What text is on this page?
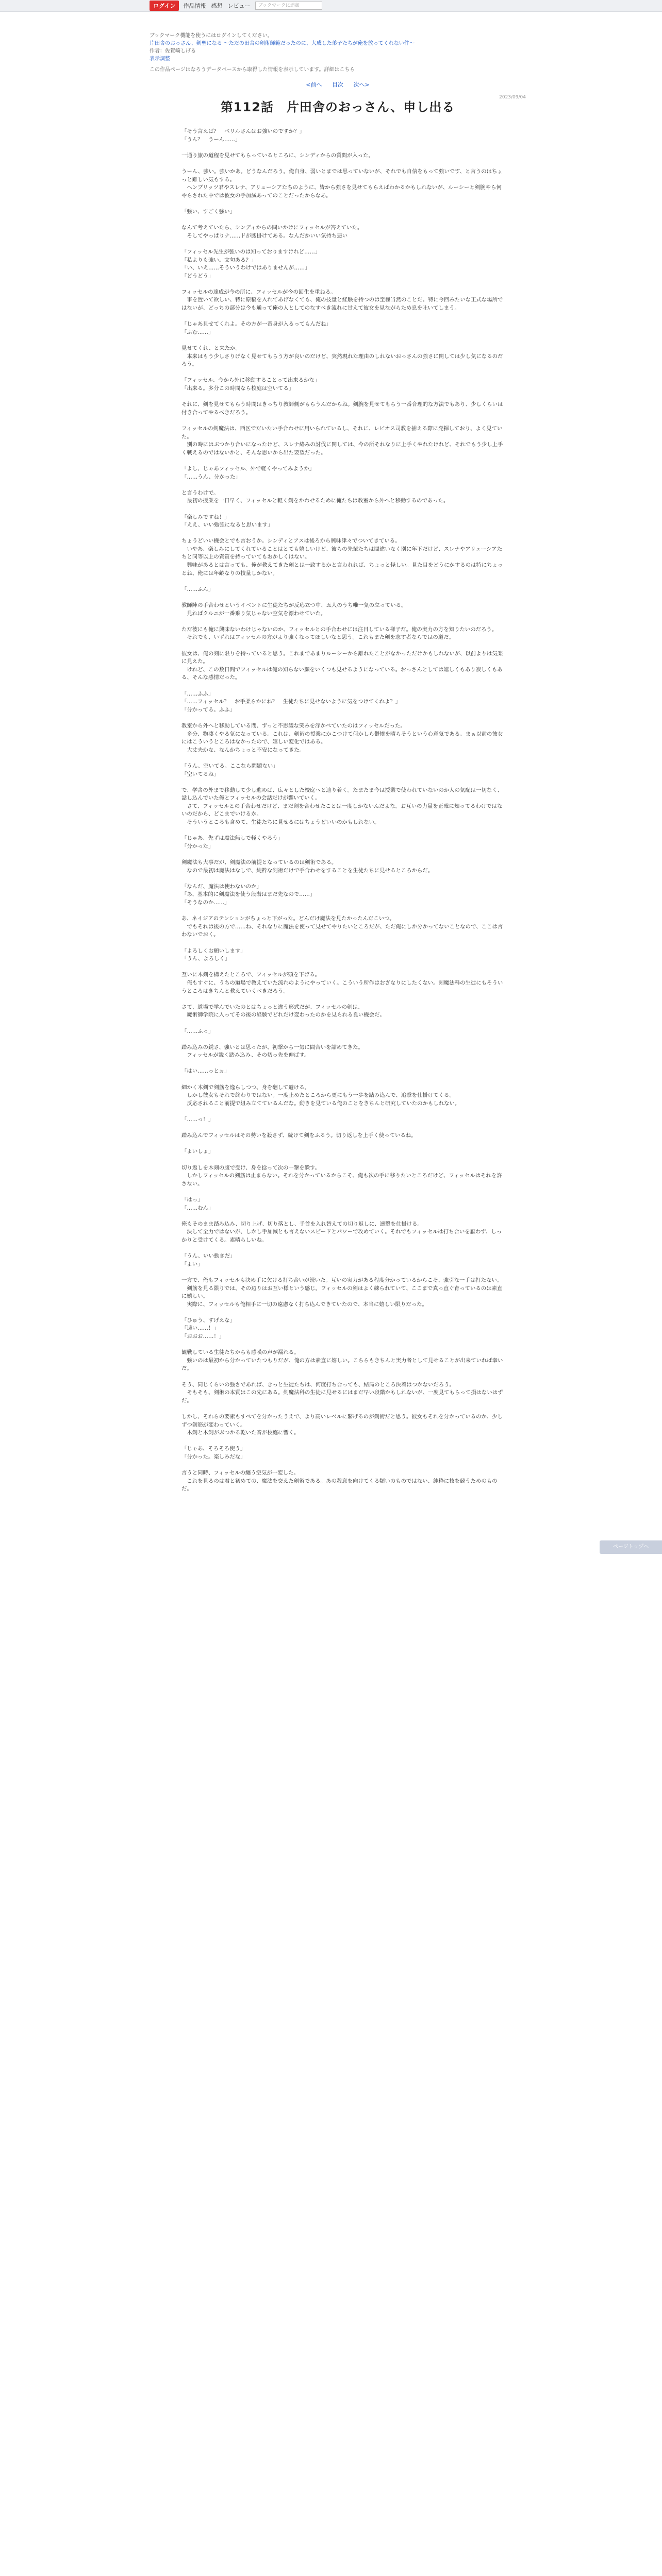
ログイン	作品情報 感想 レビュー	ブックマークに追加
ブックマーク機能を使うにはログインしてください。
片田舎のおっさん、剣聖になる ～ただの田舎の剣術師範だったのに、大成した弟子たちが俺を放ってくれない件～
作者：佐賀崎しげる
表示調整
この作品ページはなろうデータベースから取得した情報を表示しています。詳細はこちら
<前へ 目次 次へ>
2023/09/04
第112話　片田舎のおっさん、申し出る
「そう言えば？　ベリルさんはお強いのですか？」
「うん？　うーん……」
一通り旅の道程を見せてもらっているところに、シンディからの質問が入った。
うーん、強い。強いかあ。どうなんだろう。俺自身、弱いとまでは思っていないが、それでも自信をもって強いです、と言うのはちょっと難しい気もする。
　ヘンブリッツ君やスレナ、アリューシアたちのように、皆から強さを見せてもらえばわかるかもしれないが、ルーシーと剣腕やら何やらされた中では彼女の手加減あってのことだったからなあ。
「強い、すごく強い」
なんて考えていたら、シンディからの問いかけにフィッセルが答えていた。
　そしてやっぱりナ……ドが腰掛けてある。なんだかいい気持ち悪い
「フィッセル先生が強いのは知っておりますけれど……」
「私よりも強い。文句ある？」
「い、いえ……そういうわけではありませんが……」
「どうどう」
フィッセルの達成が今の所に、フィッセルが今の回生を重ねる。
　事を置いて欲しい、特に原稿を入れてあげなくても、俺の技量と経験を持つのは至極当然のことだ。特に今回みたいな正式な場所ではないが、どっちの部分は今も通って俺の人としてのなすべき流れに甘えて彼女を見ながらため息を吐いてしまう。
「じゃあ見せてくれよ。その方が一番身が入るってもんだね」
「ふむ……」
見せてくれ、と来たか。
　本来はもう少しさりげなく見せてもらう方が良いのだけど、突然現れた理由のしれないおっさんの強さに関しては少し気になるのだろう。
「フィッセル、今から外に移動することって出来るかな」
「出来る。多分この時間なら校庭は空いてる」
それに、剣を見せてもらう時間はきっちり教師側がもらうんだからね。剣腕を見せてもらう一番合理的な方法でもあり、少しくらいは付き合ってやるべきだろう。
フィッセルの剣魔法は、西区でだいたい手合わせに用いられているし、それに、レビオス司教を捕える際に発揮しており、よく見ていた。
　別の時にはぶつかり合いになったけど、スレナ絡みの討伐に関しては、今の所それなりに上手くやれたけれど、それでもう少し上手く戦えるのではないかと、そんな思いから出た要望だった。
「よし、じゃあフィッセル、外で軽くやってみようか」
「……うん、分かった」
と言うわけで。
　最初の授業を一日早く、フィッセルと軽く剣をかわせるために俺たちは教室から外へと移動するのであった。
「楽しみですね！」
「ええ、いい勉強になると思います」
ちょうどいい機会とでも言おうか。シンディとアスは後ろから興味津々でついてきている。
　いやあ、楽しみにしてくれていることはとても嬉しいけど、彼らの先輩たちは間違いなく別に年下だけど、スレナやアリューシアたちと同等以上の資質を持っていてもおかしくはない。
　興味があるとは言っても、俺が教えてきた剣とは一致するかと言われれば、ちょっと怪しい。見た目をどうにかするのは特にちょっとね、俺には年齢なりの技量しかない。
「……ふん」
教師陣の手合わせというイベントに生徒たちが反応立つ中、五人のうち唯一気の立っている。
　見ればクルニが一番乗り気じゃない空気を漂わせていた。
ただ彼にも俺に興味ないわけじゃないのか、フィッセルとの手合わせには注目している様子だ。俺の実力の方を知りたいのだろう。
　それでも、いずれはフィッセルの方がより強くなってほしいなと思う。これもまた剣を志す者ならではの道だ。
彼女は、俺の剣に限りを持っていると思う。これまであまりルーシーから離れたことがなかっただけかもしれないが、以前よりは気楽に見えた。
　けれど、この数日間でフィッセルは俺の知らない顔をいくつも見せるようになっている。おっさんとしては嬉しくもあり寂しくもある、そんな感情だった。
「……ふふ」
「……フィッセル？　お手柔らかにね？　生徒たちに見せないように気をつけてくれよ？」
「分かってる。ふふ」
教室から外へと移動している間、ずっと不思議な笑みを浮かべていたのはフィッセルだった。
　多分、物凄くやる気になっている。これは、剣術の授業にかこつけて何かしら鬱憤を晴らそうという心意気である。まぁ以前の彼女にはこういうところはなかったので、嬉しい変化ではある。
　大丈夫かな、なんかちょっと不安になってきた。
「うん、空いてる。ここなら問題ない」
「空いてるね」
で、学舎の外まで移動して少し進めば、広々とした校庭へと辿り着く。たまたま今は授業で使われていないのか人の気配は一切なく、話し込んでいた俺とフィッセルの会話だけが響いていく。
　さて、フィッセルとの手合わせだけど、まだ剣を合わせたことは一度しかないんだよな。お互いの力量を正確に知ってるわけではないのだから、どこまでいけるか。
　そういうところも含めて、生徒たちに見せるにはちょうどいいのかもしれない。
「じゃあ、先ずは魔法無しで軽くやろう」
「分かった」
剣魔法も大事だが、剣魔法の前提となっているのは剣術である。
　なので最初は魔法はなしで、純粋な剣術だけで手合わせをすることを生徒たちに見せるところからだ。
「なんだ、魔法は使わないのか」
「あ、基本的に剣魔法を使う段階はまだ先なので……」
「そうなのか……」
あ、ネイジアのテンションがちょっと下がった。どんだけ魔法を見たかったんだこいつ。
　でもそれは後の方で……ね、それなりに魔法を使って見せてやりたいところだが、ただ俺にしか分かってないことなので、ここは言わないでおく。
「よろしくお願いします」
「うん、よろしく」
互いに木剣を構えたところで、フィッセルが頭を下げる。
　俺もすぐに、うちの道場で教えていた流れのようにやっていく。こういう所作はおざなりにしたくない。剣魔法科の生徒にもそういうところはきちんと教えていくべきだろう。
さて、道場で学んでいたのとはちょっと違う形式だが、フィッセルの剣は、
　魔術師学院に入ってその後の経験でどれだけ変わったのかを見られる良い機会だ。
「……ふっ」
踏み込みの鋭さ、強いとは思ったが、初撃から一気に間合いを詰めてきた。
　フィッセルが鋭く踏み込み、その切っ先を伸ばす。
「はい……っとぉ」
細かく木剣で剣筋を逸らしつつ、身を翻して避ける。
　しかし彼女もそれで終わりではない。一度止めたところから更にもう一歩を踏み込んで、追撃を仕掛けてくる。
　反応されること前提で組み立てているんだな。動きを見ている俺のことをきちんと研究していたのかもしれない。
「……っ！」
踏み込んでフィッセルはその勢いを殺さず、続けて剣をふるう。切り返しを上手く使っているね。
「よいしょ」
切り返しを木剣の腹で受け、身を捻って次の一撃を躱す。
　しかしフィッセルの剣筋は止まらない。それを分かっているからこそ、俺も次の手に移りたいところだけど、フィッセルはそれを許さない。
「はっ」
「……むん」
俺もそのまま踏み込み、切り上げ、切り落とし、手首を入れ替えての切り返しに、連撃を仕掛ける。
　決して全力ではないが、しかし手加減とも言えないスピードとパワーで攻めていく。それでもフィッセルは打ち合いを厭わず、しっかりと受けてくる。素晴らしいね。
「うん、いい動きだ」
「よい」
一方で、俺もフィッセルも決め手に欠ける打ち合いが続いた。互いの実力がある程度分かっているからこそ、強引な一手は打たない。
　剣筋を見る限りでは、その辺りはお互い様という感じ。フィッセルの剣はよく練られていて、ここまで真っ直ぐ育っているのは素直に嬉しい。
　実際に、フィッセルも俺相手に一切の遠慮なく打ち込んできていたので、本当に嬉しい限りだった。
「ひゅう、すげえな」
「速い……！」
「おおお……！」
観戦している生徒たちからも感嘆の声が漏れる。
　強いのは最初から分かっていたつもりだが、俺の方は素直に嬉しい。こちらもきちんと実力者として見せることが出来ていれば幸いだ。
そう、同じくらいの強さであれば、きっと生徒たちは、何度打ち合っても、結局のところ決着はつかないだろう。
　そもそも、剣術の本質はこの先にある。剣魔法科の生徒に見せるにはまだ早い段階かもしれないが、一度見てもらって損はないはずだ。
しかし、それらの要素もすべてを分かったうえで、より高いレベルに繋げるのが剣術だと思う。彼女もそれを分かっているのか、少しずつ剣筋が変わっていく。
　木剣と木剣がぶつかる乾いた音が校庭に響く。
「じゃあ、そろそろ使う」
「分かった。楽しみだな」
言うと同時、フィッセルの纏う空気が一変した。
　これを見るのは君と初めての、魔法を交えた剣術である。あの殺意を向けてくる類いのものではない、純粋に技を競うためのものだ。
ページトップへ
